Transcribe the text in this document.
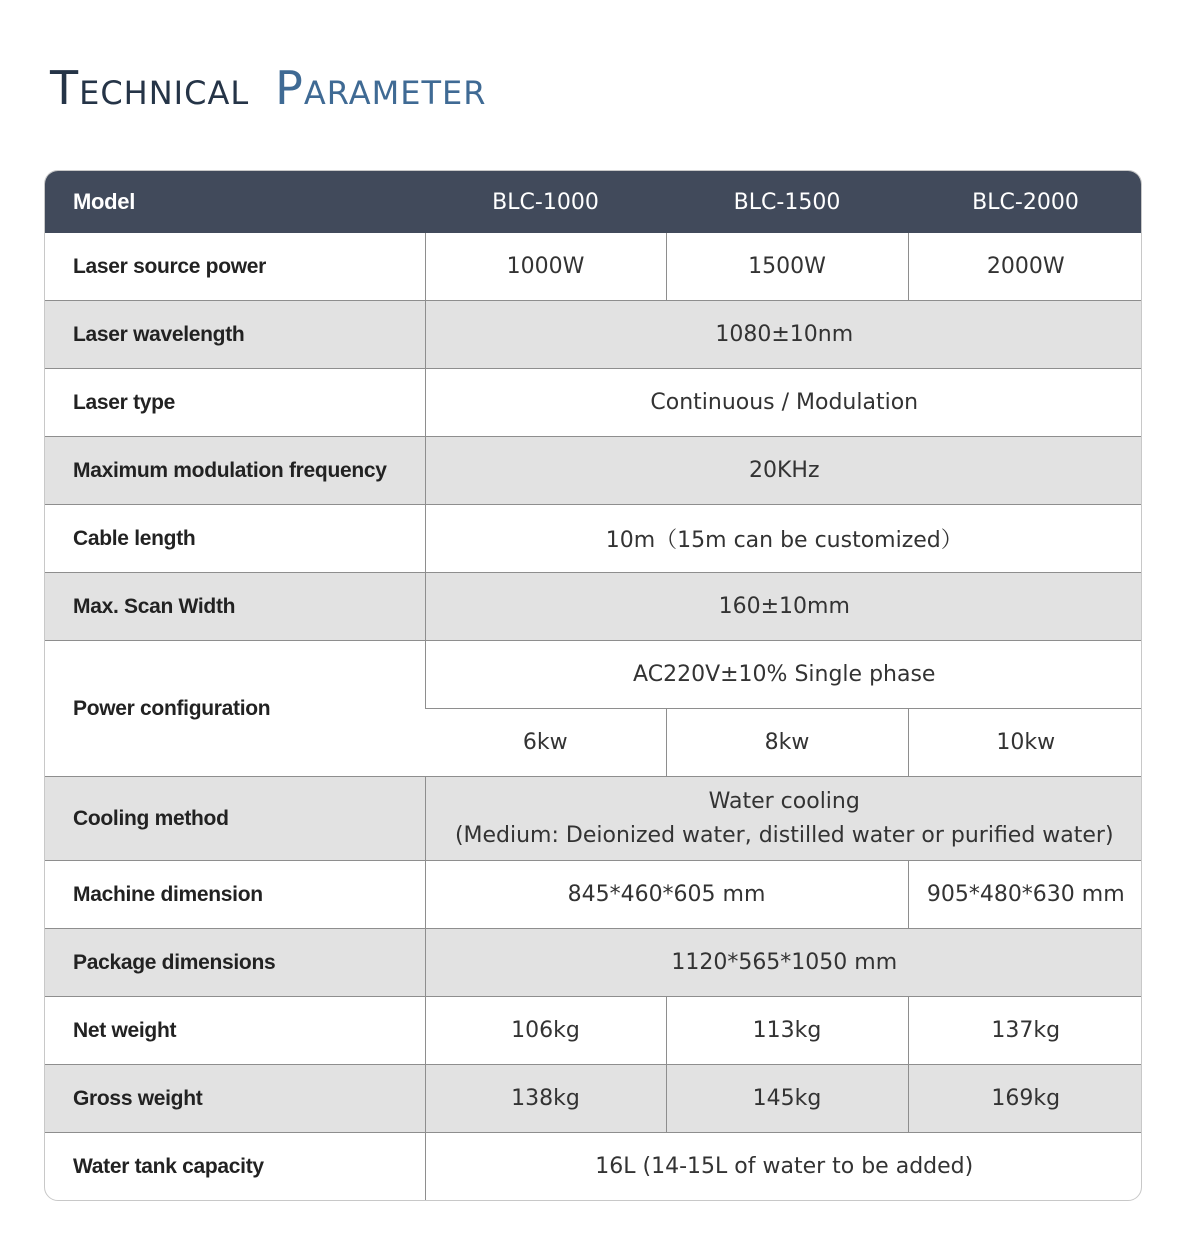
Technical Parameter
Model	BLC-1000	BLC-1500	BLC-2000
Laser source power	1000W	1500W	2000W
Laser wavelength	1080±10nm		
Laser type	Continuous / Modulation		
Maximum modulation frequency	20KHz		
Cable length	10m（15m can be customized）		
Max. Scan Width	160±10mm		
Power configuration	AC220V±10% Single phase		
	6kw	8kw	10kw
Cooling method	Water cooling
(Medium: Deionized water, distilled water or purified water)		

Machine dimension	845*460*605 mm		905*480*630 mm
Package dimensions	1120*565*1050 mm		
Net weight	106kg	113kg	137kg
Gross weight	138kg	145kg	169kg
Water tank capacity	16L (14-15L of water to be added)		
